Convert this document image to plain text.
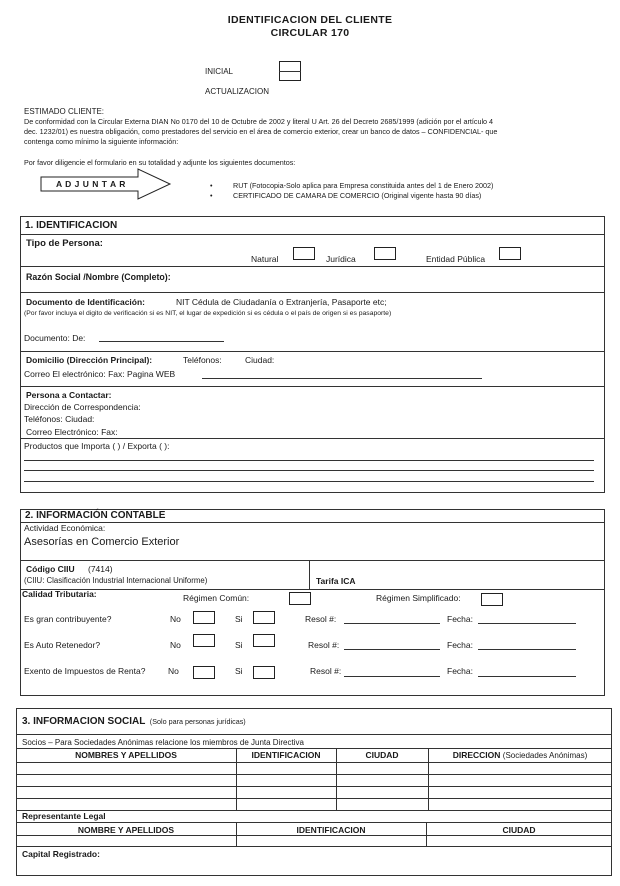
IDENTIFICACION DEL CLIENTE
CIRCULAR 170
INICIAL
ACTUALIZACION
ESTIMADO CLIENTE:
De conformidad con la Circular Externa DIAN No 0170 del 10 de Octubre de 2002 y literal U Art. 26 del Decreto 2685/1999 (adición por el artículo 4
dec. 1232/01) es nuestra obligación, como prestadores del servicio en el área de comercio exterior, crear un banco de datos – CONFIDENCIAL- que
contenga como mínimo la siguiente información:
Por favor diligencie el formulario en su totalidad y adjunte los siguientes documentos:
A D J U N T A R	•	RUT (Fotocopia-Solo aplica para Empresa constituida antes del 1 de Enero 2002)
•	CERTIFICADO DE CAMARA DE COMERCIO (Original vigente hasta 90 días)
1. IDENTIFICACION
Tipo de Persona:
Natural	Jurídica	Entidad Pública
Razón Social /Nombre (Completo):
Documento de Identificación:	NIT Cédula de Ciudadanía o Extranjería, Pasaporte etc;
(Por favor incluya el digito de verificación si es NIT, el lugar de expedición si es cédula o el país de origen si es pasaporte)
Documento: De:
Domicilio (Dirección Principal):	Teléfonos:	Ciudad:
Correo El electrónico: Fax: Pagina WEB
Persona a Contactar:
Dirección de Correspondencia:
Teléfonos: Ciudad:
Correo Electrónico: Fax:
Productos que Importa ( ) / Exporta ( ):
2. INFORMACIÓN CONTABLE
Actividad Económica:
Asesorías en Comercio Exterior
Código CIIU (7414)
(CIIU: Clasificación Industrial Internacional Uniforme)	Tarifa ICA
Calidad Tributaria:	Régimen Común:	Régimen Simplificado:
Es gran contribuyente?	No	Si	Resol #:	Fecha:
Es Auto Retenedor?	No	Si	Resol #:	Fecha:
Exento de Impuestos de Renta?	No	Si	Resol #:	Fecha:
3. INFORMACION SOCIAL (Solo para personas jurídicas)
Socios – Para Sociedades Anónimas relacione los miembros de Junta Directiva
NOMBRES Y APELLIDOS	IDENTIFICACION	CIUDAD	DIRECCION (Sociedades Anónimas)
Representante Legal
NOMBRE Y APELLIDOS	IDENTIFICACION	CIUDAD
Capital Registrado:
